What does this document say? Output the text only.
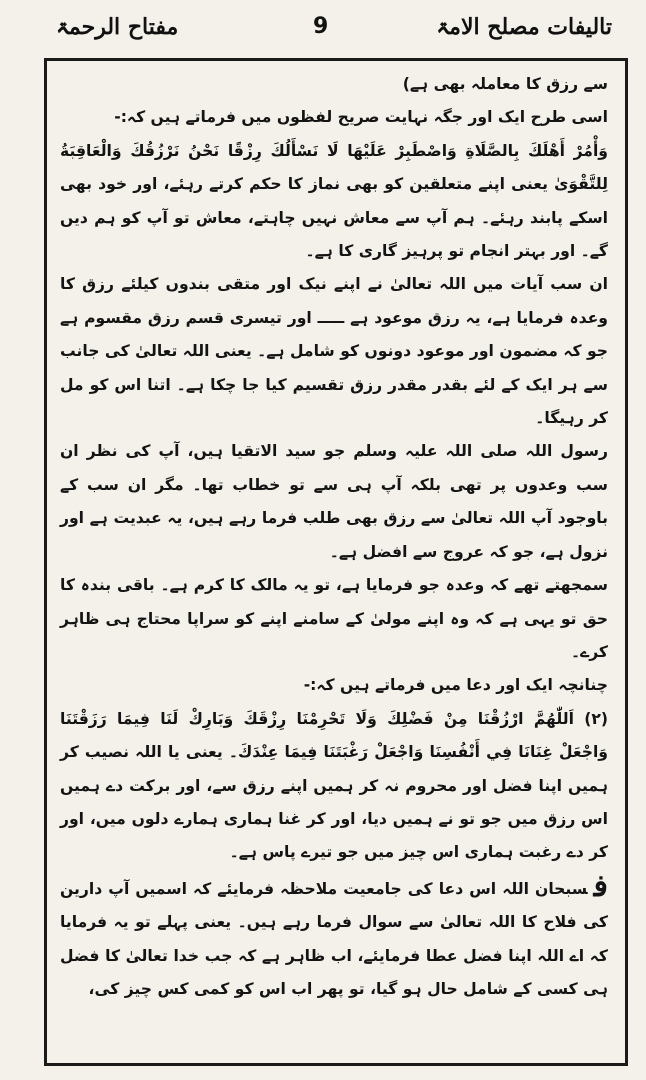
تالیفات مصلح الامۃ
9
مفتاح الرحمۃ

سے رزق کا معاملہ بھی ہے)

اسی طرح ایک اور جگہ نہایت صریح لفظوں میں فرماتے ہیں کہ:-

وَأْمُرْ أَهْلَكَ بِالصَّلَاةِ وَاصْطَبِرْ عَلَيْهَا لَا نَسْأَلُكَ رِزْقًا نَحْنُ نَرْزُقُكَ وَالْعَاقِبَةُ لِلتَّقْوَىٰ یعنی اپنے متعلقین کو بھی نماز کا حکم کرتے رہئے، اور خود بھی اسکے پابند رہئے۔ ہم آپ سے معاش نہیں چاہتے، معاش تو آپ کو ہم دیں گے۔ اور بہتر انجام تو پرہیز گاری کا ہے۔

ان سب آیات میں اللہ تعالیٰ نے اپنے نیک اور متقی بندوں کیلئے رزق کا وعدہ فرمایا ہے، یہ رزق موعود ہے ـــــ اور تیسری قسم رزق مقسوم ہے جو کہ مضمون اور موعود دونوں کو شامل ہے۔ یعنی اللہ تعالیٰ کی جانب سے ہر ایک کے لئے بقدر مقدر رزق تقسیم کیا جا چکا ہے۔ اتنا اس کو مل کر رہیگا۔

رسول اللہ صلی اللہ علیہ وسلم جو سید الاتقیا ہیں، آپ کی نظر ان سب وعدوں پر تھی بلکہ آپ ہی سے تو خطاب تھا۔ مگر ان سب کے باوجود آپ اللہ تعالیٰ سے رزق بھی طلب فرما رہے ہیں، یہ عبدیت ہے اور نزول ہے، جو کہ عروج سے افضل ہے۔

سمجھتے تھے کہ وعدہ جو فرمایا ہے، تو یہ مالک کا کرم ہے۔ باقی بندہ کا حق تو یہی ہے کہ وہ اپنے مولیٰ کے سامنے اپنے کو سراپا محتاج ہی ظاہر کرے۔

چنانچہ ایک اور دعا میں فرماتے ہیں کہ:-

(۲) اَللّٰهُمَّ ارْزُقْنَا مِنْ فَضْلِكَ وَلَا تَحْرِمْنَا رِزْقَكَ وَبَارِكْ لَنَا فِيمَا رَزَقْتَنَا وَاجْعَلْ غِنَانَا فِي أَنْفُسِنَا وَاجْعَلْ رَغْبَتَنَا فِيمَا عِنْدَكَ۔ یعنی یا اللہ نصیب کر ہمیں اپنا فضل اور محروم نہ کر ہمیں اپنے رزق سے، اور برکت دے ہمیں اس رزق میں جو تو نے ہمیں دیا، اور کر غنا ہماری ہمارے دلوں میں، اور کر دے رغبت ہماری اس چیز میں جو تیرے پاس ہے۔

فسبحان اللہ اس دعا کی جامعیت ملاحظہ فرمایئے کہ اسمیں آپ دارین کی فلاح کا اللہ تعالیٰ سے سوال فرما رہے ہیں۔ یعنی پہلے تو یہ فرمایا کہ اے اللہ اپنا فضل عطا فرمایئے، اب ظاہر ہے کہ جب خدا تعالیٰ کا فضل ہی کسی کے شامل حال ہو گیا، تو پھر اب اس کو کمی کس چیز کی،
